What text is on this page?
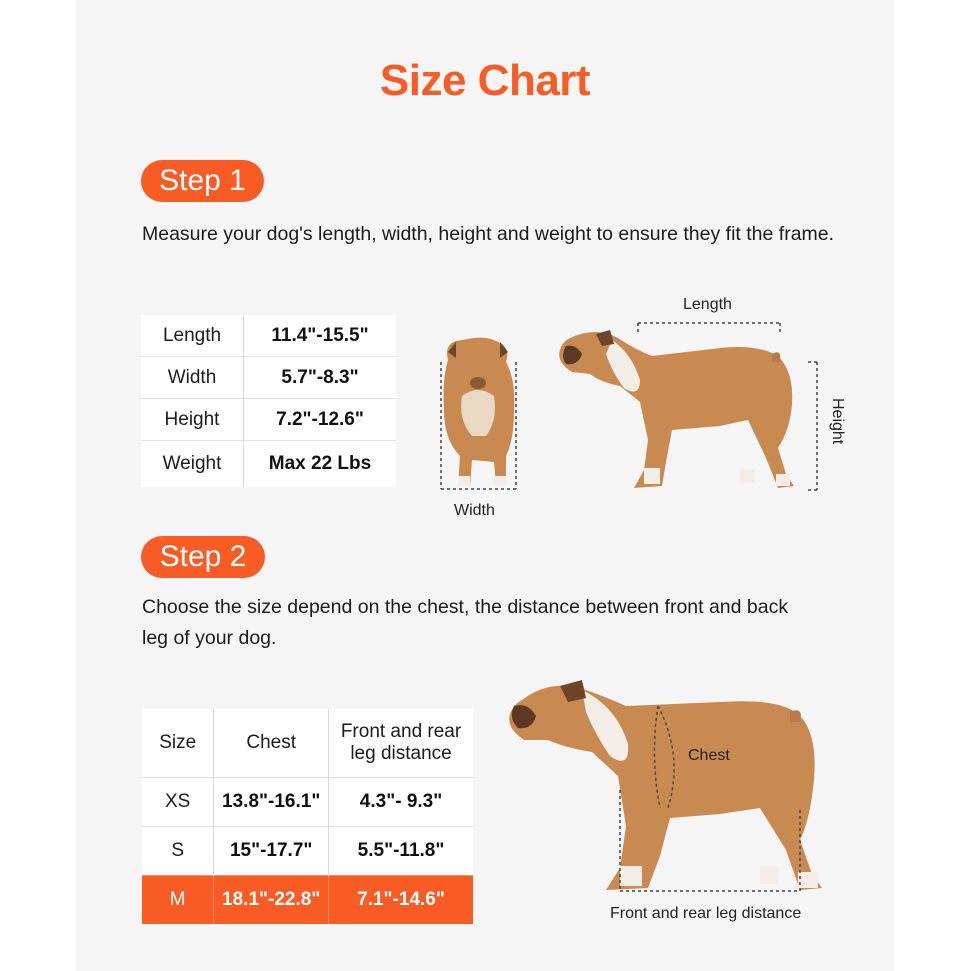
Size Chart
Step 1
Measure your dog's length, width, height and weight to ensure they fit the frame.
Length	11.4"-15.5"
Width	5.7"-8.3"
Height	7.2"-12.6"
Weight	Max 22 Lbs
Length
Width
Height
Step 2
Choose the size depend on the chest, the distance between front and back
leg of your dog.
Size	Chest	Front and rear
leg distance

XS	13.8"-16.1"	4.3"- 9.3"
S	15"-17.7"	5.5"-11.8"
M	18.1"-22.8"	7.1"-14.6"
Chest
Front and rear leg distance
